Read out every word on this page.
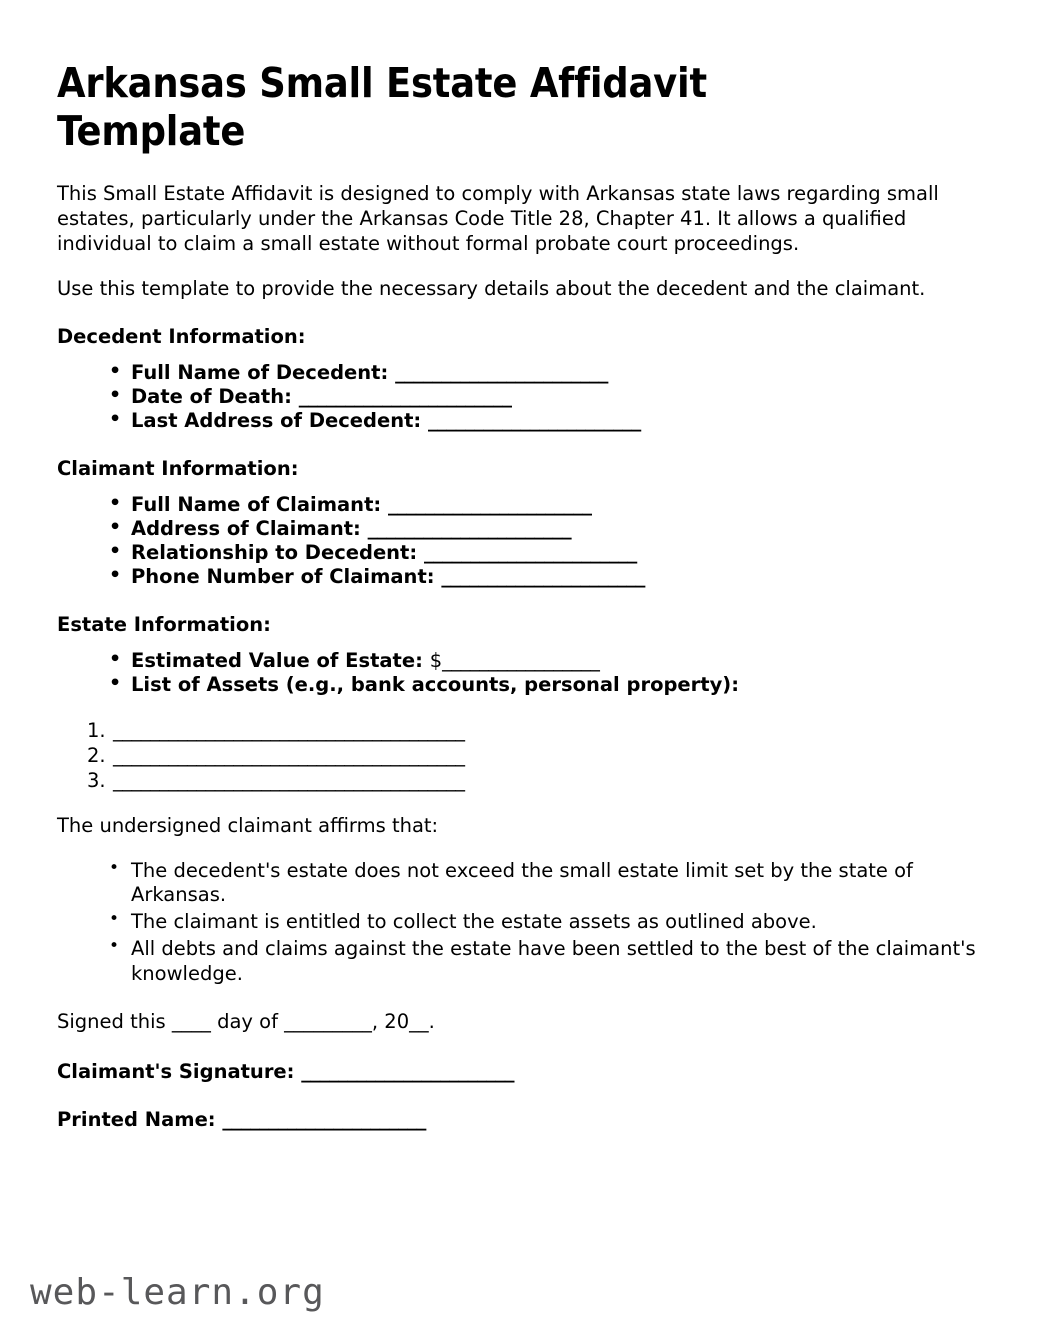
Arkansas Small Estate Affidavit Template

This Small Estate Affidavit is designed to comply with Arkansas state laws regarding small estates, particularly under the Arkansas Code Title 28, Chapter 41. It allows a qualified individual to claim a small estate without formal probate court proceedings.

Use this template to provide the necessary details about the decedent and the claimant.

Decedent Information:
• Full Name of Decedent: _______________________
• Date of Death: _______________________
• Last Address of Decedent: _______________________
Claimant Information:
• Full Name of Claimant: ______________________
• Address of Claimant: ______________________
• Relationship to Decedent: _______________________
• Phone Number of Claimant: ______________________
Estate Information:
• Estimated Value of Estate: $_________________
• List of Assets (e.g., bank accounts, personal property):
______________________________________
______________________________________
______________________________________

The undersigned claimant affirms that:

• The decedent's estate does not exceed the small estate limit set by the state of Arkansas.
• The claimant is entitled to collect the estate assets as outlined above.
• All debts and claims against the estate have been settled to the best of the claimant's knowledge.

Signed this ____ day of _________, 20__.

Claimant's Signature: _______________________
Printed Name: ______________________
web-learn.org
